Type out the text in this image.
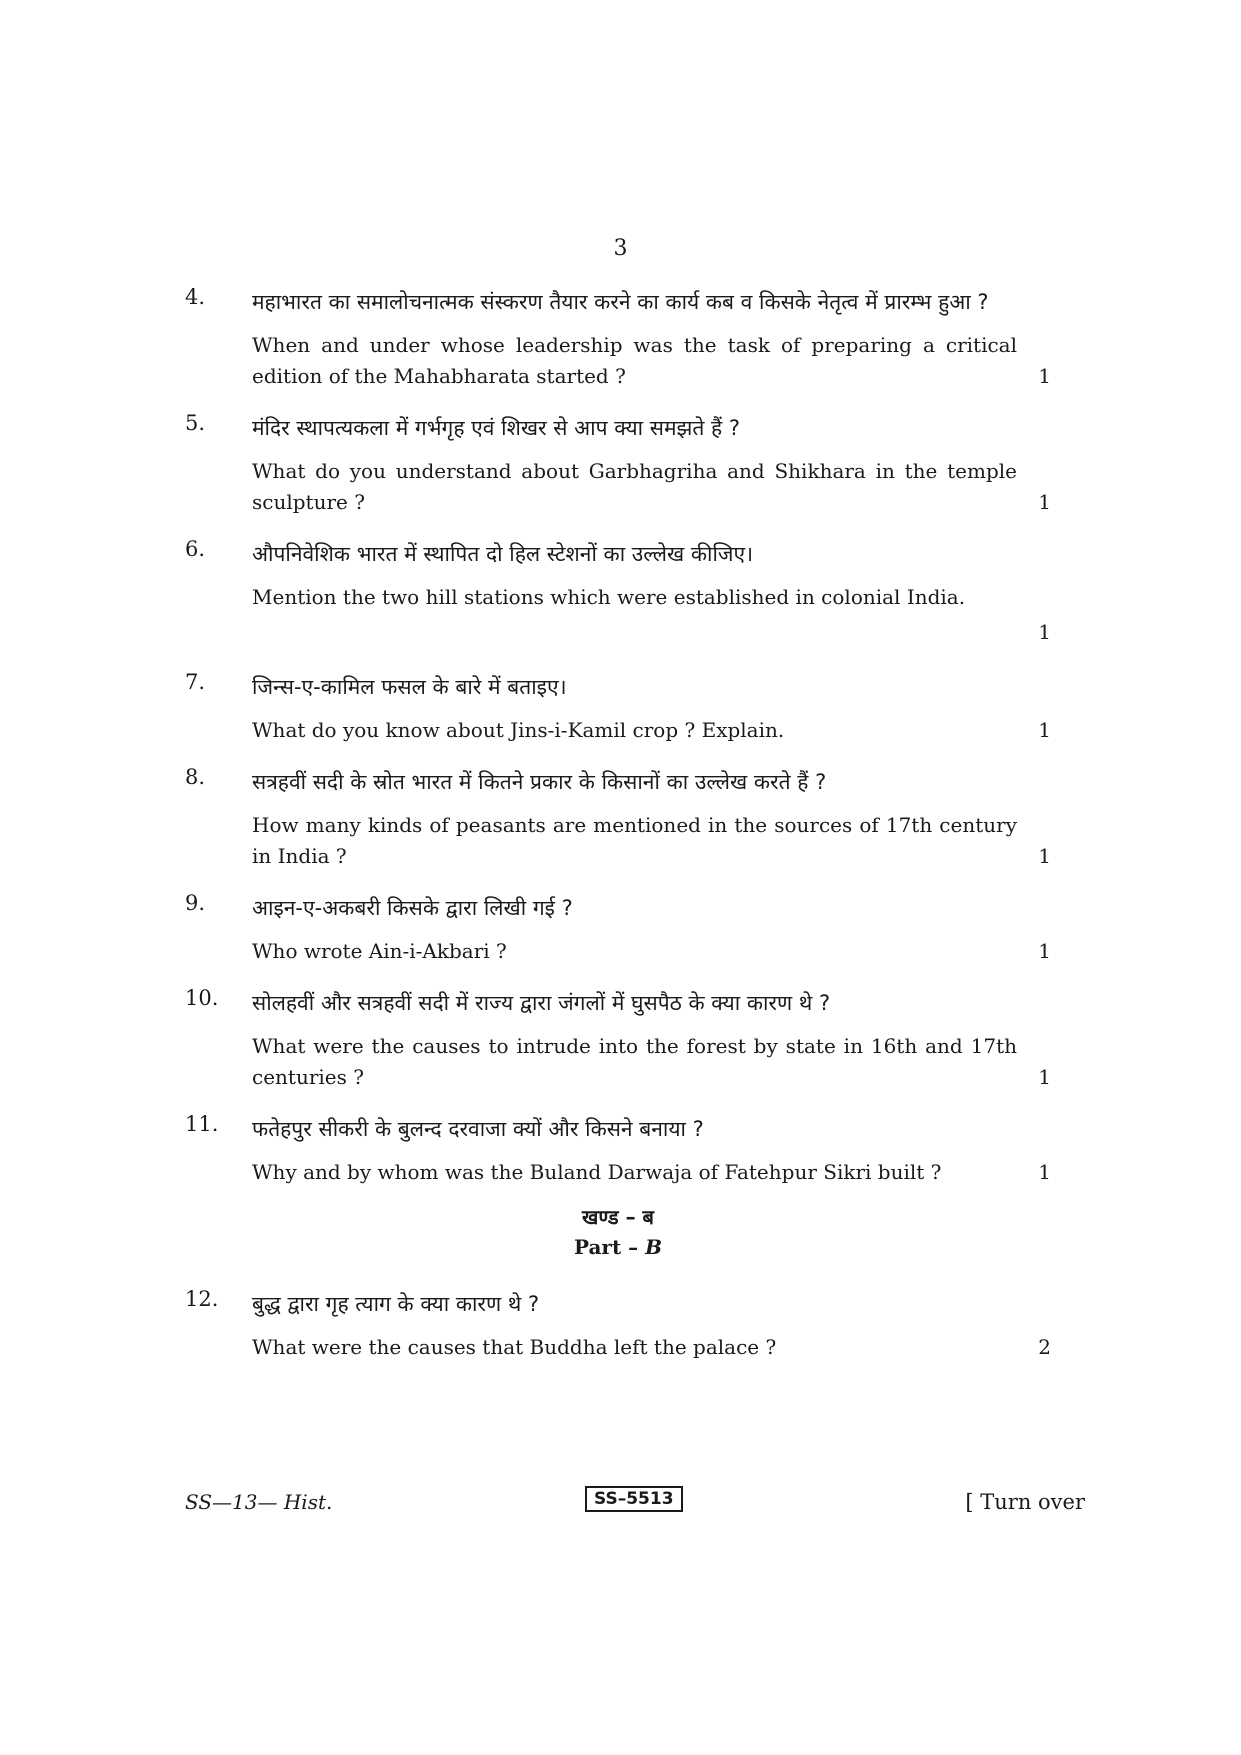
3
4.	महाभारत का समालोचनात्मक संस्करण तैयार करने का कार्य कब व किसके नेतृत्व में प्रारम्भ हुआ ?

When and under whose leadership was the task of preparing a critical edition of the Mahabharata started ?	1

5.	मंदिर स्थापत्यकला में गर्भगृह एवं शिखर से आप क्या समझते हैं ?

What do you understand about Garbhagriha and Shikhara in the temple sculpture ?	1

6.	औपनिवेशिक भारत में स्थापित दो हिल स्टेशनों का उल्लेख कीजिए।

Mention the two hill stations which were established in colonial India.

1
7.	जिन्स-ए-कामिल फसल के बारे में बताइए।

What do you know about Jins-i-Kamil crop ? Explain.	1

8.	सत्रहवीं सदी के स्रोत भारत में कितने प्रकार के किसानों का उल्लेख करते हैं ?

How many kinds of peasants are mentioned in the sources of 17th century in India ?	1

9.	आइन-ए-अकबरी किसके द्वारा लिखी गई ?

Who wrote Ain-i-Akbari ?	1

10.	सोलहवीं और सत्रहवीं सदी में राज्य द्वारा जंगलों में घुसपैठ के क्या कारण थे ?

What were the causes to intrude into the forest by state in 16th and 17th centuries ?	1

11.	फतेहपुर सीकरी के बुलन्द दरवाजा क्यों और किसने बनाया ?

Why and by whom was the Buland Darwaja of Fatehpur Sikri built ?	1

खण्ड – ब
Part – B
12.	बुद्ध द्वारा गृह त्याग के क्या कारण थे ?

What were the causes that Buddha left the palace ?	2

SS—13— Hist.	SS–5513	[ Turn over
